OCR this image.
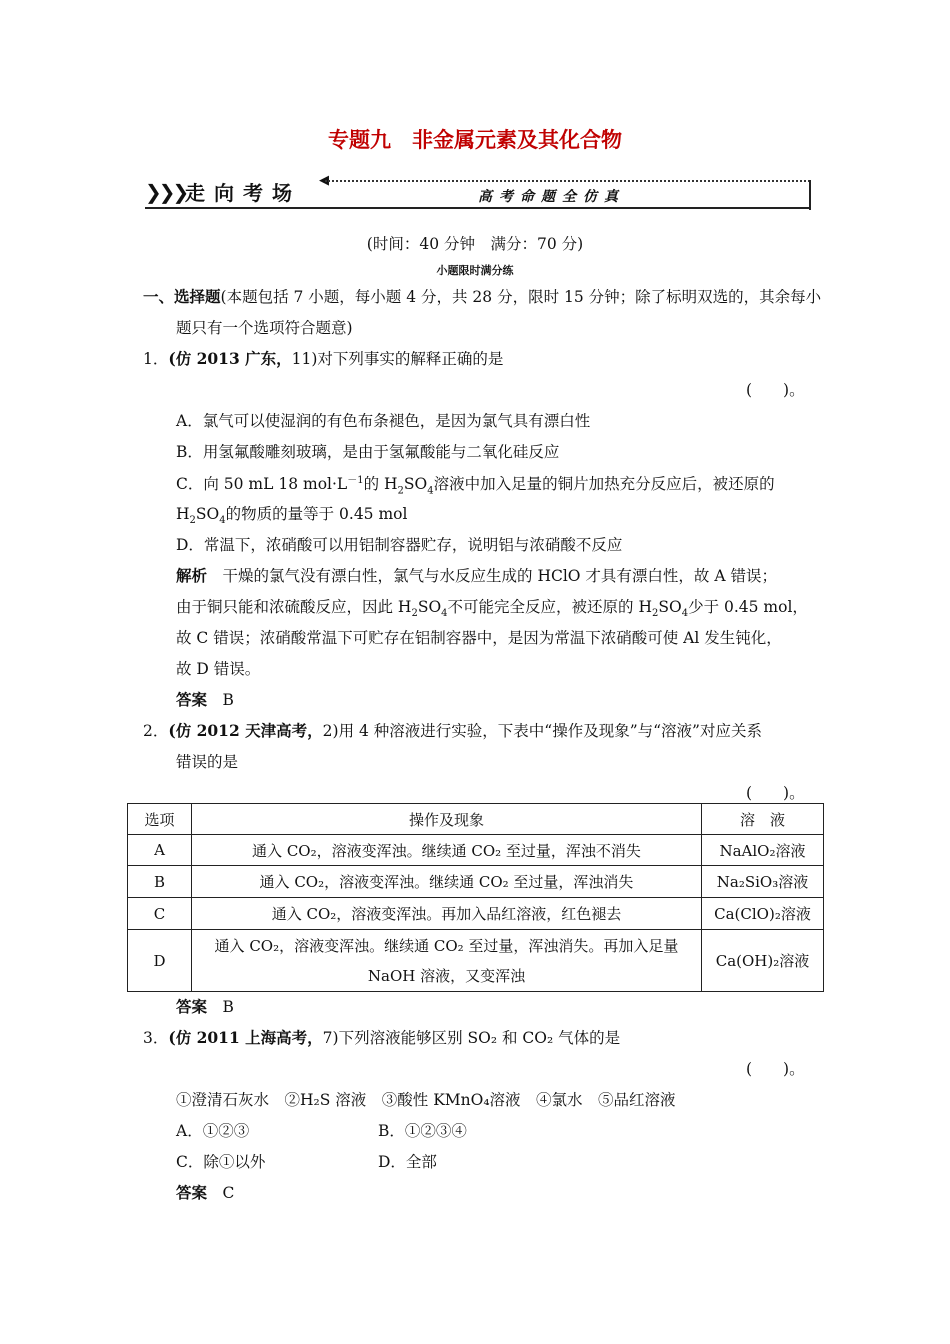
专题九　非金属元素及其化合物
❯❯❯
走向考场
◀
高考命题全仿真
(时间：40 分钟　满分：70 分)
小题限时满分练
一、选择题(本题包括 7 小题，每小题 4 分，共 28 分，限时 15 分钟；除了标明双选的，其余每小
题只有一个选项符合题意)
1．(仿 2013 广东，11)对下列事实的解释正确的是
(　　)。
A．氯气可以使湿润的有色布条褪色，是因为氯气具有漂白性
B．用氢氟酸雕刻玻璃，是由于氢氟酸能与二氧化硅反应
C．向 50 mL 18 $mol\cdot L^{-1}$的 $H_2SO_4$溶液中加入足量的铜片加热充分反应后，被还原的
$H_2SO_4$的物质的量等于 0.45 mol
D．常温下，浓硝酸可以用铝制容器贮存，说明铝与浓硝酸不反应
解析　 干燥的氯气没有漂白性，氯气与水反应生成的 HClO 才具有漂白性，故 A 错误；
由于铜只能和浓硫酸反应，因此 $H_2SO_4$不可能完全反应，被还原的 $H_2SO_4$少于 0.45 mol，
故 C 错误；浓硝酸常温下可贮存在铝制容器中，是因为常温下浓硝酸可使 Al 发生钝化，
故 D 错误。
答案　 B
2．(仿 2012 天津高考，2)用 4 种溶液进行实验，下表中“操作及现象”与“溶液”对应关系
错误的是
(　　)。
选项	操作及现象	溶　液
A	通入 CO₂，溶液变浑浊。继续通 CO₂ 至过量，浑浊不消失	NaAlO₂溶液
B	通入 CO₂，溶液变浑浊。继续通 CO₂ 至过量，浑浊消失	Na₂SiO₃溶液
C	通入 CO₂，溶液变浑浊。再加入品红溶液，红色褪去	Ca(ClO)₂溶液
D	通入 CO₂，溶液变浑浊。继续通 CO₂ 至过量，浑浊消失。再加入足量
NaOH 溶液，又变浑浊	Ca(OH)₂溶液
答案　 B
3．(仿 2011 上海高考，7)下列溶液能够区别 SO₂ 和 CO₂ 气体的是
(　　)。
①澄清石灰水　②H₂S 溶液　③酸性 KMnO₄溶液　④氯水　⑤品红溶液
A．①②③	B．①②③④
C．除①以外	D．全部
答案　 C
